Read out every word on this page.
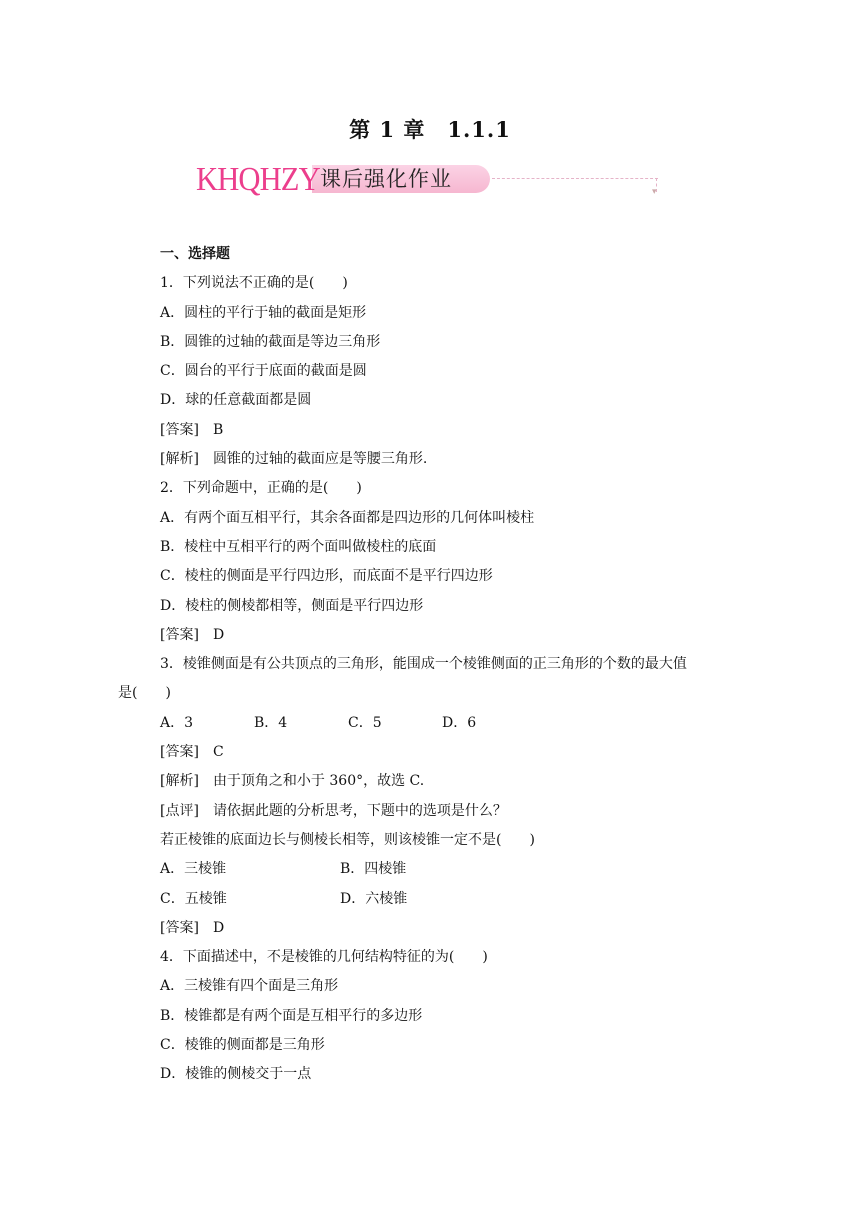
第 1 章　1.1.1
KHQHZY 课后强化作业
▾
一、选择题
1．下列说法不正确的是(　　)
A．圆柱的平行于轴的截面是矩形
B．圆锥的过轴的截面是等边三角形
C．圆台的平行于底面的截面是圆
D．球的任意截面都是圆
[答案] B
[解析] 圆锥的过轴的截面应是等腰三角形.
2．下列命题中，正确的是(　　)
A．有两个面互相平行，其余各面都是四边形的几何体叫棱柱
B．棱柱中互相平行的两个面叫做棱柱的底面
C．棱柱的侧面是平行四边形，而底面不是平行四边形
D．棱柱的侧棱都相等，侧面是平行四边形
[答案] D
3．棱锥侧面是有公共顶点的三角形，能围成一个棱锥侧面的正三角形的个数的最大值
是(　　)
A．3	B．4	C．5	D．6
[答案] C
[解析] 由于顶角之和小于 360°，故选 C.
[点评] 请依据此题的分析思考，下题中的选项是什么？
若正棱锥的底面边长与侧棱长相等，则该棱锥一定不是(　　)
A．三棱锥	B．四棱锥
C．五棱锥	D．六棱锥
[答案] D
4．下面描述中，不是棱锥的几何结构特征的为(　　)
A．三棱锥有四个面是三角形
B．棱锥都是有两个面是互相平行的多边形
C．棱锥的侧面都是三角形
D．棱锥的侧棱交于一点
